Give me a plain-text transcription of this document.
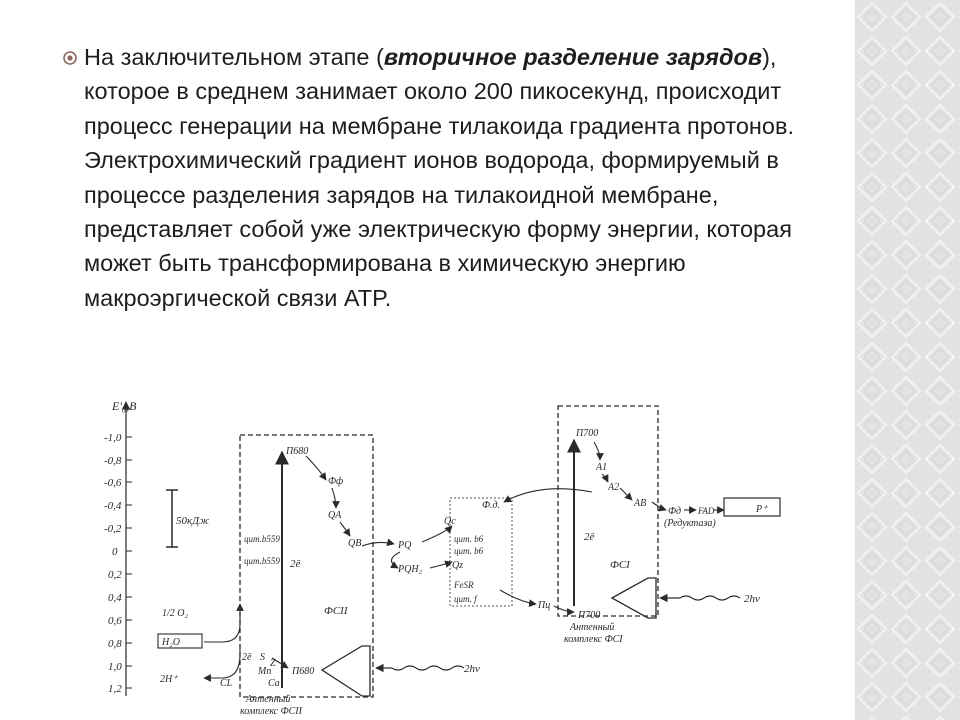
На заключительном этапе (вторичное разделение зарядов), которое в среднем занимает около 200 пикосекунд, происходит процесс генерации на мембране тилакоида градиента протонов. Электрохимический градиент ионов водорода, формируемый в процессе разделения зарядов на тилакоидной мембране, представляет собой уже электрическую форму энергии, которая может быть трансформирована в химическую энергию макроэргической связи ATP.

E'₀,B
-1,0
-0,8
-0,6
-0,4
-0,2
0
0,2
0,4
0,6
0,8
1,0
1,2
50кДж
П680
Фф
QA
QB
цит.b559
цит.b559 2ē
ФСII
П680
Антенный
комплекс ФСII
2hν
1/2 O₂
H₂O
2H⁺
2ē S
Z
Mn
Ca
CL
PQ
PQH₂
Qc
цит. b6
цит. b6
Qz
FeSR
цит. f
Ф.д.
Пц
П700
A1
A2
AB
Фд FAD	P⁺
(Редуктаза)
2ē
ФСI
П700
Антенный
комплекс ФСI
2hν
